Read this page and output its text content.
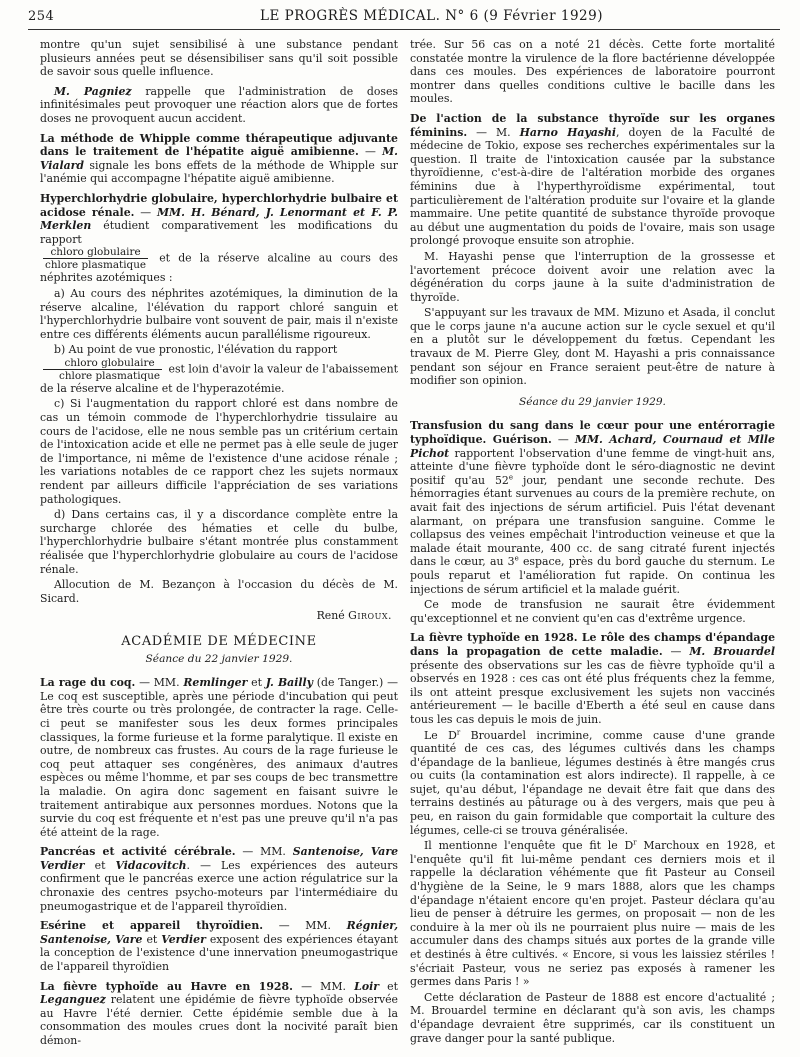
254	LE PROGRÈS MÉDICAL. N° 6 (9 Février 1929)

montre qu'un sujet sensibilisé à une substance pendant plusieurs années peut se désensibiliser sans qu'il soit possible de savoir sous quelle influence.

M. Pagniez rappelle que l'administration de doses infinitésimales peut provoquer une réaction alors que de fortes doses ne provoquent aucun accident.

La méthode de Whipple comme thérapeutique adjuvante dans le traitement de l'hépatite aiguë amibienne. — M. Vialard signale les bons effets de la méthode de Whipple sur l'anémie qui accompagne l'hépatite aiguë amibienne.

Hyperchlorhydrie globulaire, hyperchlorhydrie bulbaire et acidose rénale. — MM. H. Bénard, J. Lenormant et F. P. Merklen étudient comparativement les modifications du rapport

$\frac{\text{chloro globulaire}}{\text{chlore plasmatique}}$ et de la réserve alcaline au cours des néphrites azotémiques :

a) Au cours des néphrites azotémiques, la diminution de la réserve alcaline, l'élévation du rapport chloré sanguin et l'hyperchlorhydrie bulbaire vont souvent de pair, mais il n'existe entre ces différents éléments aucun parallélisme rigoureux.

b) Au point de vue pronostic, l'élévation du rapport

$\frac{\text{chloro globulaire}}{\text{chlore plasmatique}}$ est loin d'avoir la valeur de l'abaissement de la réserve alcaline et de l'hyperazotémie.

c) Si l'augmentation du rapport chloré est dans nombre de cas un témoin commode de l'hyperchlorhydrie tissulaire au cours de l'acidose, elle ne nous semble pas un critérium certain de l'intoxication acide et elle ne permet pas à elle seule de juger de l'importance, ni même de l'existence d'une acidose rénale ; les variations notables de ce rapport chez les sujets normaux rendent par ailleurs difficile l'appréciation de ses variations pathologiques.

d) Dans certains cas, il y a discordance complète entre la surcharge chlorée des hématies et celle du bulbe, l'hyperchlorhydrie bulbaire s'étant montrée plus constamment réalisée que l'hyperchlorhydrie globulaire au cours de l'acidose rénale.

Allocution de M. Bezançon à l'occasion du décès de M. Sicard.

René Giroux.
ACADÉMIE DE MÉDECINE
Séance du 22 janvier 1929.

La rage du coq. — MM. Remlinger et J. Bailly (de Tanger.) — Le coq est susceptible, après une période d'incubation qui peut être très courte ou très prolongée, de contracter la rage. Celle-ci peut se manifester sous les deux formes principales classiques, la forme furieuse et la forme paralytique. Il existe en outre, de nombreux cas frustes. Au cours de la rage furieuse le coq peut attaquer ses congénères, des animaux d'autres espèces ou même l'homme, et par ses coups de bec transmettre la maladie. On agira donc sagement en faisant suivre le traitement antirabique aux personnes mordues. Notons que la survie du coq est fréquente et n'est pas une preuve qu'il n'a pas été atteint de la rage.

Pancréas et activité cérébrale. — MM. Santenoise, Vare Verdier et Vidacovitch. — Les expériences des auteurs confirment que le pancréas exerce une action régulatrice sur la chronaxie des centres psycho-moteurs par l'intermédiaire du pneumogastrique et de l'appareil thyroïdien.

Esérine et appareil thyroïdien. — MM. Régnier, Santenoise, Vare et Verdier exposent des expériences étayant la conception de l'existence d'une innervation pneumogastrique de l'appareil thyroïdien

La fièvre typhoïde au Havre en 1928. — MM. Loir et Leganguez relatent une épidémie de fièvre typhoïde observée au Havre l'été dernier. Cette épidémie semble due à la consommation des moules crues dont la nocivité paraît bien démon-

trée. Sur 56 cas on a noté 21 décès. Cette forte mortalité constatée montre la virulence de la flore bactérienne développée dans ces moules. Des expériences de laboratoire pourront montrer dans quelles conditions cultive le bacille dans les moules.

De l'action de la substance thyroïde sur les organes féminins. — M. Harno Hayashi, doyen de la Faculté de médecine de Tokio, expose ses recherches expérimentales sur la question. Il traite de l'intoxication causée par la substance thyroïdienne, c'est-à-dire de l'altération morbide des organes féminins due à l'hyperthyroïdisme expérimental, tout particulièrement de l'altération produite sur l'ovaire et la glande mammaire. Une petite quantité de substance thyroïde provoque au début une augmentation du poids de l'ovaire, mais son usage prolongé provoque ensuite son atrophie.

M. Hayashi pense que l'interruption de la grossesse et l'avortement précoce doivent avoir une relation avec la dégénération du corps jaune à la suite d'administration de thyroïde.

S'appuyant sur les travaux de MM. Mizuno et Asada, il conclut que le corps jaune n'a aucune action sur le cycle sexuel et qu'il en a plutôt sur le développement du fœtus. Cependant les travaux de M. Pierre Gley, dont M. Hayashi a pris connaissance pendant son séjour en France seraient peut-être de nature à modifier son opinion.

Séance du 29 janvier 1929.

Transfusion du sang dans le cœur pour une entérorragie typhoïdique. Guérison. — MM. Achard, Cournaud et Mlle Pichot rapportent l'observation d'une femme de vingt-huit ans, atteinte d'une fièvre typhoïde dont le séro-diagnostic ne devint positif qu'au 52e jour, pendant une seconde rechute. Des hémorragies étant survenues au cours de la première rechute, on avait fait des injections de sérum artificiel. Puis l'état devenant alarmant, on prépara une transfusion sanguine. Comme le collapsus des veines empêchait l'introduction veineuse et que la malade était mourante, 400 cc. de sang citraté furent injectés dans le cœur, au 3e espace, près du bord gauche du sternum. Le pouls reparut et l'amélioration fut rapide. On continua les injections de sérum artificiel et la malade guérit.

Ce mode de transfusion ne saurait être évidemment qu'exceptionnel et ne convient qu'en cas d'extrême urgence.

La fièvre typhoïde en 1928. Le rôle des champs d'épandage dans la propagation de cette maladie. — M. Brouardel présente des observations sur les cas de fièvre typhoïde qu'il a observés en 1928 : ces cas ont été plus fréquents chez la femme, ils ont atteint presque exclusivement les sujets non vaccinés antérieurement — le bacille d'Eberth a été seul en cause dans tous les cas depuis le mois de juin.

Le $D^r$ Brouardel incrimine, comme cause d'une grande quantité de ces cas, des légumes cultivés dans les champs d'épandage de la banlieue, légumes destinés à être mangés crus ou cuits (la contamination est alors indirecte). Il rappelle, à ce sujet, qu'au début, l'épandage ne devait être fait que dans des terrains destinés au pâturage ou à des vergers, mais que peu à peu, en raison du gain formidable que comportait la culture des légumes, celle-ci se trouva généralisée.

Il mentionne l'enquête que fit le $D^r$ Marchoux en 1928, et l'enquête qu'il fit lui-même pendant ces derniers mois et il rappelle la déclaration véhémente que fit Pasteur au Conseil d'hygiène de la Seine, le 9 mars 1888, alors que les champs d'épandage n'étaient encore qu'en projet. Pasteur déclara qu'au lieu de penser à détruire les germes, on proposait — non de les conduire à la mer où ils ne pourraient plus nuire — mais de les accumuler dans des champs situés aux portes de la grande ville et destinés à être cultivés. « Encore, si vous les laissiez stériles ! s'écriait Pasteur, vous ne seriez pas exposés à ramener les germes dans Paris ! »

Cette déclaration de Pasteur de 1888 est encore d'actualité ; M. Brouardel termine en déclarant qu'à son avis, les champs d'épandage devraient être supprimés, car ils constituent un grave danger pour la santé publique.
